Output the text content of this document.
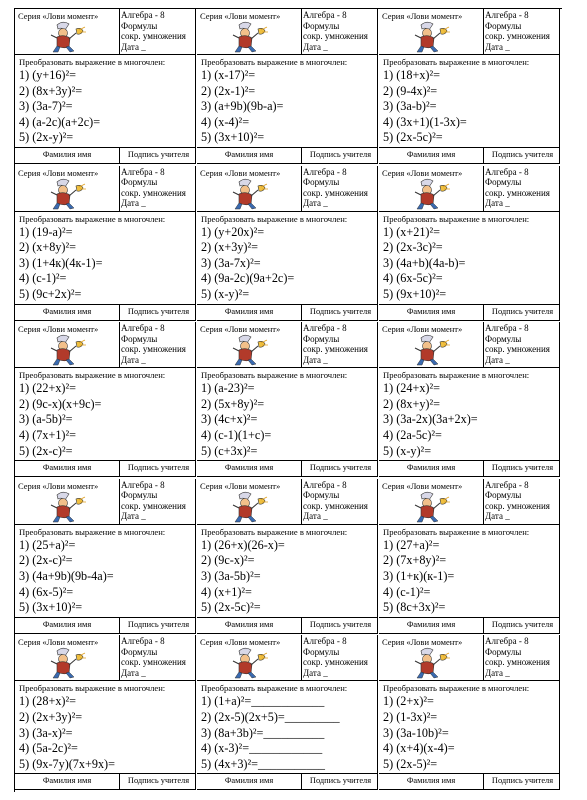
Серия «Лови момент»	Алгебра - 8
Формулы
сокр. умножения
Дата _
Преобразовать выражение в многочлен:
1) (y+16)²=
2) (8x+3y)²=
3) (3a-7)²=
4) (a-2c)(a+2c)=
5) (2x-y)²=
Фамилия имя	Подпись учителя
Серия «Лови момент»	Алгебра - 8
Формулы
сокр. умножения
Дата _
Преобразовать выражение в многочлен:
1) (x-17)²=
2) (2x-1)²=
3) (a+9b)(9b-a)=
4) (x-4)²=
5) (3x+10)²=
Фамилия имя	Подпись учителя
Серия «Лови момент»	Алгебра - 8
Формулы
сокр. умножения
Дата _
Преобразовать выражение в многочлен:
1) (18+x)²=
2) (9-4x)²=
3) (3a-b)²=
4) (3x+1)(1-3x)=
5) (2x-5c)²=
Фамилия имя	Подпись учителя
Серия «Лови момент»	Алгебра - 8
Формулы
сокр. умножения
Дата _
Преобразовать выражение в многочлен:
1) (19-a)²=
2) (x+8y)²=
3) (1+4к)(4к-1)=
4) (c-1)²=
5) (9c+2x)²=
Фамилия имя	Подпись учителя
Серия «Лови момент»	Алгебра - 8
Формулы
сокр. умножения
Дата _
Преобразовать выражение в многочлен:
1) (y+20x)²=
2) (x+3y)²=
3) (3a-7x)²=
4) (9a-2c)(9a+2c)=
5) (x-y)²=
Фамилия имя	Подпись учителя
Серия «Лови момент»	Алгебра - 8
Формулы
сокр. умножения
Дата _
Преобразовать выражение в многочлен:
1) (x+21)²=
2) (2x-3c)²=
3) (4a+b)(4a-b)=
4) (6x-5c)²=
5) (9x+10)²=
Фамилия имя	Подпись учителя
Серия «Лови момент»	Алгебра - 8
Формулы
сокр. умножения
Дата _
Преобразовать выражение в многочлен:
1) (22+x)²=
2) (9c-x)(x+9c)=
3) (a-5b)²=
4) (7x+1)²=
5) (2x-c)²=
Фамилия имя	Подпись учителя
Серия «Лови момент»	Алгебра - 8
Формулы
сокр. умножения
Дата _
Преобразовать выражение в многочлен:
1) (a-23)²=
2) (5x+8y)²=
3) (4c+x)²=
4) (c-1)(1+c)=
5) (c+3x)²=
Фамилия имя	Подпись учителя
Серия «Лови момент»	Алгебра - 8
Формулы
сокр. умножения
Дата _
Преобразовать выражение в многочлен:
1) (24+x)²=
2) (8x+y)²=
3) (3a-2x)(3a+2x)=
4) (2a-5c)²=
5) (x-y)²=
Фамилия имя	Подпись учителя
Серия «Лови момент»	Алгебра - 8
Формулы
сокр. умножения
Дата _
Преобразовать выражение в многочлен:
1) (25+a)²=
2) (2x-c)²=
3) (4a+9b)(9b-4a)=
4) (6x-5)²=
5) (3x+10)²=
Фамилия имя	Подпись учителя
Серия «Лови момент»	Алгебра - 8
Формулы
сокр. умножения
Дата _
Преобразовать выражение в многочлен:
1) (26+x)(26-x)=
2) (9c-x)²=
3) (3a-5b)²=
4) (x+1)²=
5) (2x-5c)²=
Фамилия имя	Подпись учителя
Серия «Лови момент»	Алгебра - 8
Формулы
сокр. умножения
Дата _
Преобразовать выражение в многочлен:
1) (27+a)²=
2) (7x+8y)²=
3) (1+к)(к-1)=
4) (c-1)²=
5) (8c+3x)²=
Фамилия имя	Подпись учителя
Серия «Лови момент»	Алгебра - 8
Формулы
сокр. умножения
Дата _
Преобразовать выражение в многочлен:
1) (28+x)²=
2) (2x+3y)²=
3) (3a-x)²=
4) (5a-2c)²=
5) (9x-7y)(7x+9x)=
Фамилия имя	Подпись учителя
Серия «Лови момент»	Алгебра - 8
Формулы
сокр. умножения
Дата _
Преобразовать выражение в многочлен:
1) (1+a)²=____________
2) (2x-5)(2x+5)=_________
3) (8a+3b)²=__________
4) (x-3)²=____________
5) (4x+3)²=___________
Фамилия имя	Подпись учителя
Серия «Лови момент»	Алгебра - 8
Формулы
сокр. умножения
Дата _
Преобразовать выражение в многочлен:
1) (2+x)²=
2) (1-3x)²=
3) (3a-10b)²=
4) (x+4)(x-4)=
5) (2x-5)²=
Фамилия имя	Подпись учителя
